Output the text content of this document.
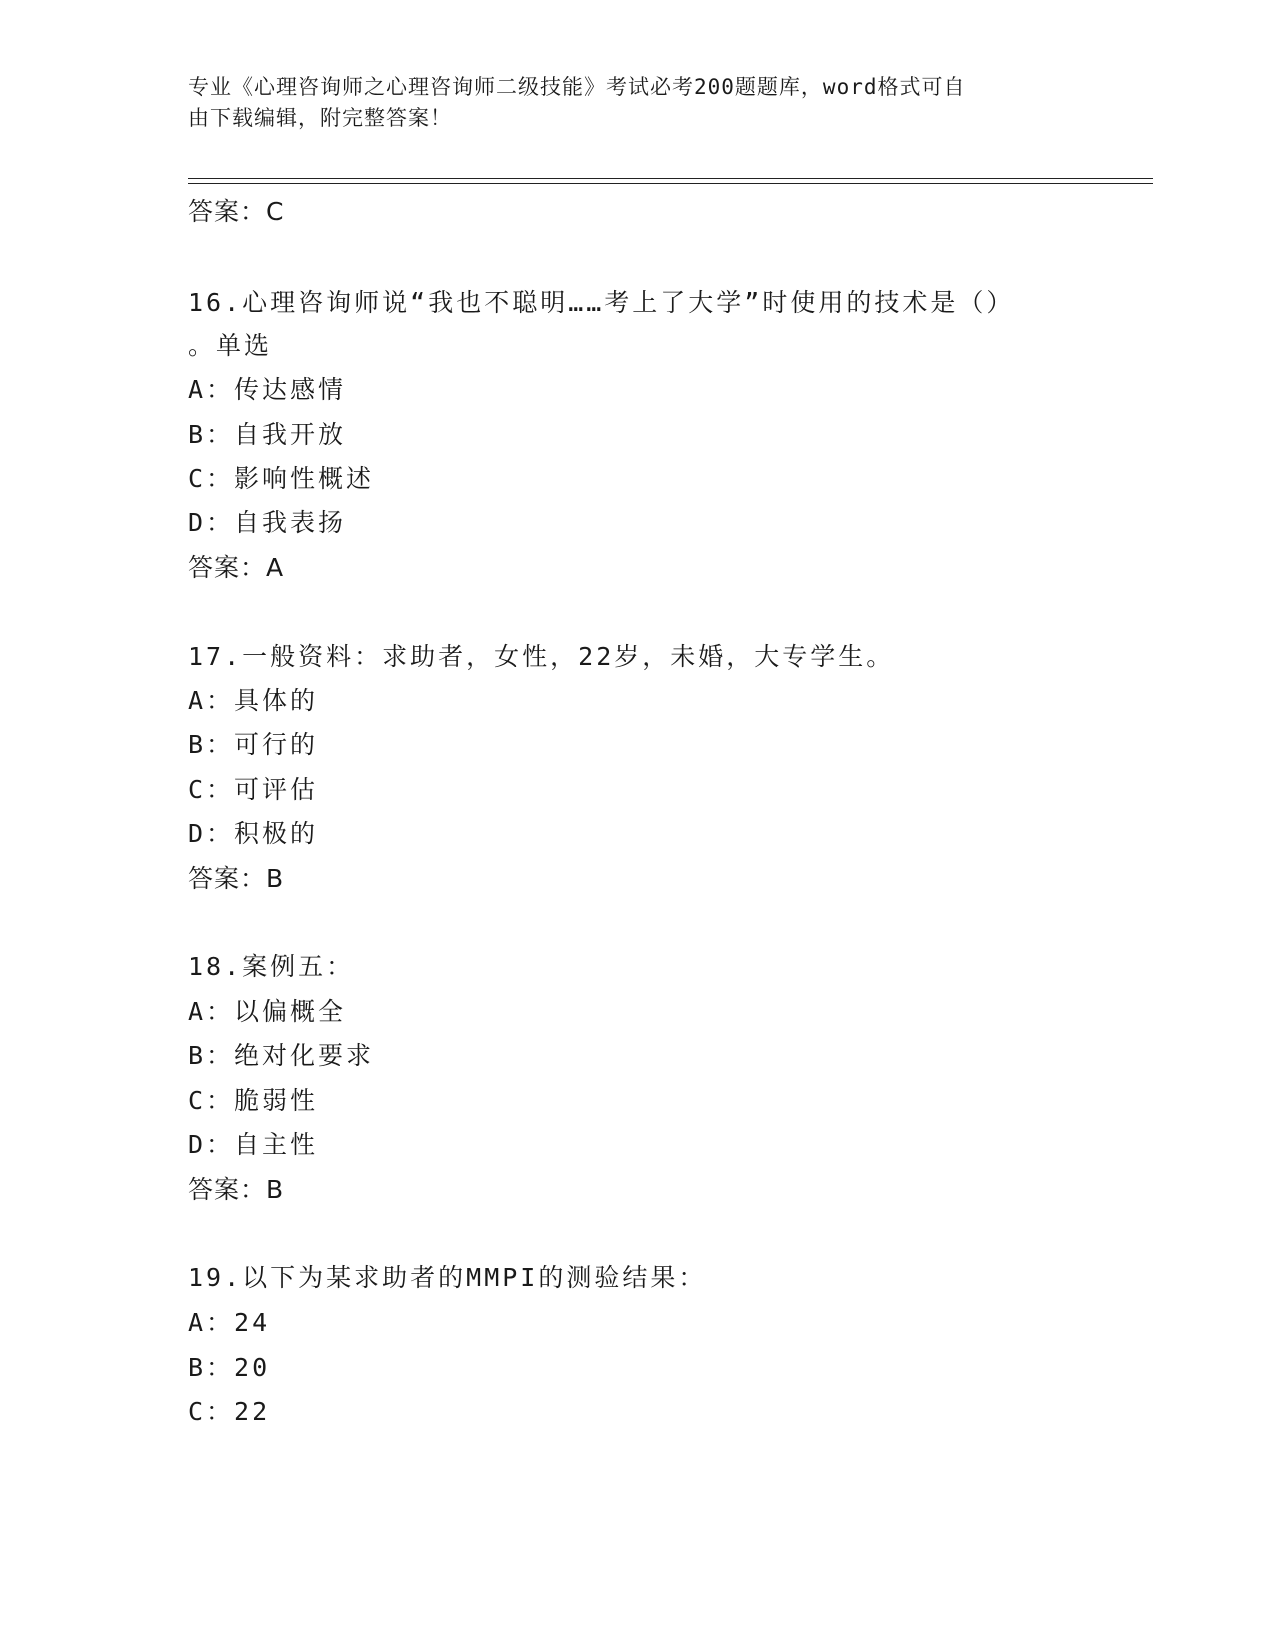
专业《心理咨询师之心理咨询师二级技能》考试必考200题题库，word格式可自
由下载编辑，附完整答案！
答案：C
16.心理咨询师说“我也不聪明……考上了大学”时使用的技术是（）
。单选
A：传达感情
B：自我开放
C：影响性概述
D：自我表扬
答案：A
17.一般资料：求助者，女性，22岁，未婚，大专学生。
A：具体的
B：可行的
C：可评估
D：积极的
答案：B
18.案例五：
A：以偏概全
B：绝对化要求
C：脆弱性
D：自主性
答案：B
19.以下为某求助者的MMPI的测验结果：
A：24
B：20
C：22
